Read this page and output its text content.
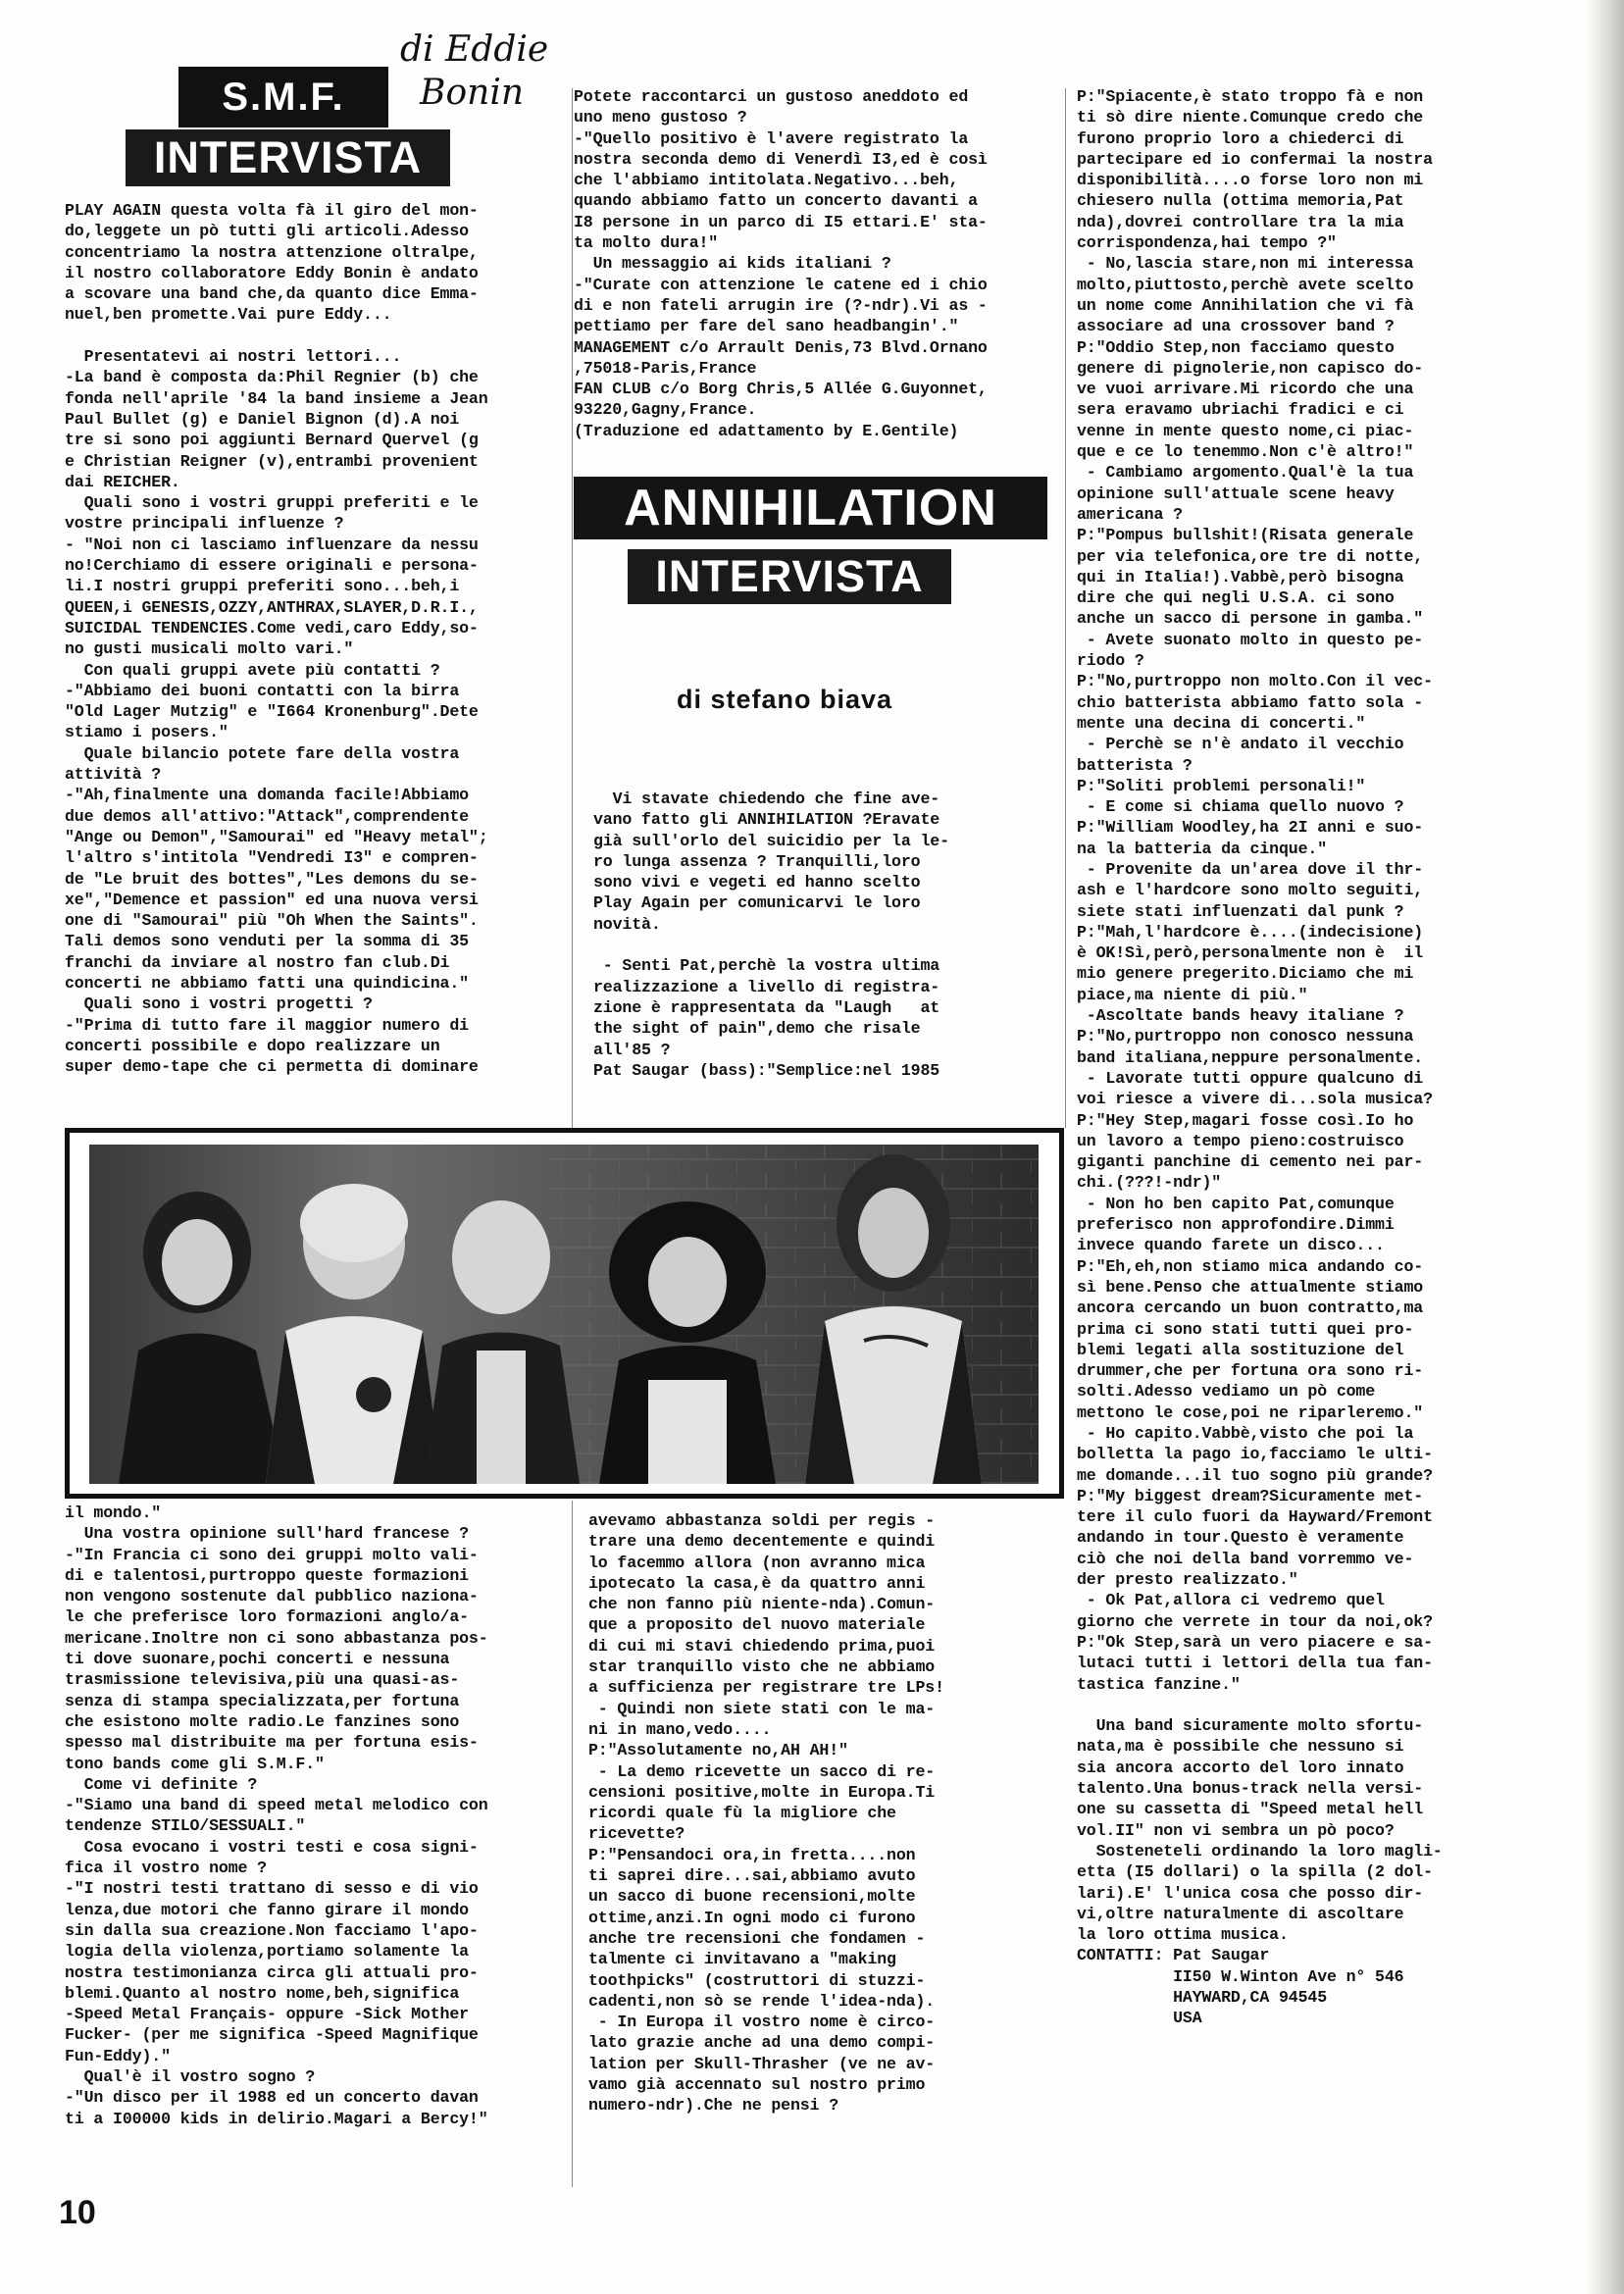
S.M.F.
INTERVISTA
di Eddie
Bonin
ANNIHILATION
INTERVISTA
di stefano biava
PLAY AGAIN questa volta fà il giro del mon-
do,leggete un pò tutti gli articoli.Adesso
concentriamo la nostra attenzione oltralpe,
il nostro collaboratore Eddy Bonin è andato
a scovare una band che,da quanto dice Emma-
nuel,ben promette.Vai pure Eddy...

Presentatevi ai nostri lettori...
-La band è composta da:Phil Regnier (b) che
fonda nell'aprile '84 la band insieme a Jean
Paul Bullet (g) e Daniel Bignon (d).A noi
tre si sono poi aggiunti Bernard Quervel (g
e Christian Reigner (v),entrambi provenient
dai REICHER.
Quali sono i vostri gruppi preferiti e le
vostre principali influenze ?
- "Noi non ci lasciamo influenzare da nessu
no!Cerchiamo di essere originali e persona-
li.I nostri gruppi preferiti sono...beh,i
QUEEN,i GENESIS,OZZY,ANTHRAX,SLAYER,D.R.I.,
SUICIDAL TENDENCIES.Come vedi,caro Eddy,so-
no gusti musicali molto vari."
Con quali gruppi avete più contatti ?
-"Abbiamo dei buoni contatti con la birra
"Old Lager Mutzig" e "I664 Kronenburg".Dete
stiamo i posers."
Quale bilancio potete fare della vostra
attività ?
-"Ah,finalmente una domanda facile!Abbiamo
due demos all'attivo:"Attack",comprendente
"Ange ou Demon","Samourai" ed "Heavy metal";
l'altro s'intitola "Vendredi I3" e compren-
de "Le bruit des bottes","Les demons du se-
xe","Demence et passion" ed una nuova versi
one di "Samourai" più "Oh When the Saints".
Tali demos sono venduti per la somma di 35
franchi da inviare al nostro fan club.Di
concerti ne abbiamo fatti una quindicina."
Quali sono i vostri progetti ?
-"Prima di tutto fare il maggior numero di
concerti possibile e dopo realizzare un
super demo-tape che ci permetta di dominare
Potete raccontarci un gustoso aneddoto ed
uno meno gustoso ?
-"Quello positivo è l'avere registrato la
nostra seconda demo di Venerdì I3,ed è così
che l'abbiamo intitolata.Negativo...beh,
quando abbiamo fatto un concerto davanti a
I8 persone in un parco di I5 ettari.E' sta-
ta molto dura!"
Un messaggio ai kids italiani ?
-"Curate con attenzione le catene ed i chio
di e non fateli arrugin ire (?-ndr).Vi as -
pettiamo per fare del sano headbangin'."
MANAGEMENT c/o Arrault Denis,73 Blvd.Ornano
,75018-Paris,France
FAN CLUB c/o Borg Chris,5 Allée G.Guyonnet,
93220,Gagny,France.
(Traduzione ed adattamento by E.Gentile)
Vi stavate chiedendo che fine ave-
vano fatto gli ANNIHILATION ?Eravate
già sull'orlo del suicidio per la le-
ro lunga assenza ? Tranquilli,loro
sono vivi e vegeti ed hanno scelto
Play Again per comunicarvi le loro
novità.

- Senti Pat,perchè la vostra ultima
realizzazione a livello di registra-
zione è rappresentata da "Laugh   at
the sight of pain",demo che risale
all'85 ?
Pat Saugar (bass):"Semplice:nel 1985
P:"Spiacente,è stato troppo fà e non
ti sò dire niente.Comunque credo che
furono proprio loro a chiederci di
partecipare ed io confermai la nostra
disponibilità....o forse loro non mi
chiesero nulla (ottima memoria,Pat
nda),dovrei controllare tra la mia
corrispondenza,hai tempo ?"
- No,lascia stare,non mi interessa
molto,piuttosto,perchè avete scelto
un nome come Annihilation che vi fà
associare ad una crossover band ?
P:"Oddio Step,non facciamo questo
genere di pignolerie,non capisco do-
ve vuoi arrivare.Mi ricordo che una
sera eravamo ubriachi fradici e ci
venne in mente questo nome,ci piac-
que e ce lo tenemmo.Non c'è altro!"
- Cambiamo argomento.Qual'è la tua
opinione sull'attuale scene heavy
americana ?
P:"Pompus bullshit!(Risata generale
per via telefonica,ore tre di notte,
qui in Italia!).Vabbè,però bisogna
dire che qui negli U.S.A. ci sono
anche un sacco di persone in gamba."
- Avete suonato molto in questo pe-
riodo ?
P:"No,purtroppo non molto.Con il vec-
chio batterista abbiamo fatto sola -
mente una decina di concerti."
- Perchè se n'è andato il vecchio
batterista ?
P:"Soliti problemi personali!"
- E come si chiama quello nuovo ?
P:"William Woodley,ha 2I anni e suo-
na la batteria da cinque."
- Provenite da un'area dove il thr-
ash e l'hardcore sono molto seguiti,
siete stati influenzati dal punk ?
P:"Mah,l'hardcore è....(indecisione)
è OK!Sì,però,personalmente non è  il
mio genere pregerito.Diciamo che mi
piace,ma niente di più."
-Ascoltate bands heavy italiane ?
P:"No,purtroppo non conosco nessuna
band italiana,neppure personalmente.
- Lavorate tutti oppure qualcuno di
voi riesce a vivere di...sola musica?
P:"Hey Step,magari fosse così.Io ho
un lavoro a tempo pieno:costruisco
giganti panchine di cemento nei par-
chi.(???!-ndr)"
- Non ho ben capito Pat,comunque
preferisco non approfondire.Dimmi
invece quando farete un disco...
P:"Eh,eh,non stiamo mica andando co-
sì bene.Penso che attualmente stiamo
ancora cercando un buon contratto,ma
prima ci sono stati tutti quei pro-
blemi legati alla sostituzione del
drummer,che per fortuna ora sono ri-
solti.Adesso vediamo un pò come
mettono le cose,poi ne riparleremo."
- Ho capito.Vabbè,visto che poi la
bolletta la pago io,facciamo le ulti-
me domande...il tuo sogno più grande?
P:"My biggest dream?Sicuramente met-
tere il culo fuori da Hayward/Fremont
andando in tour.Questo è veramente
ciò che noi della band vorremmo ve-
der presto realizzato."
- Ok Pat,allora ci vedremo quel
giorno che verrete in tour da noi,ok?
P:"Ok Step,sarà un vero piacere e sa-
lutaci tutti i lettori della tua fan-
tastica fanzine."

Una band sicuramente molto sfortu-
nata,ma è possibile che nessuno si
sia ancora accorto del loro innato
talento.Una bonus-track nella versi-
one su cassetta di "Speed metal hell
vol.II" non vi sembra un pò poco?
Sosteneteli ordinando la loro magli-
etta (I5 dollari) o la spilla (2 dol-
lari).E' l'unica cosa che posso dir-
vi,oltre naturalmente di ascoltare
la loro ottima musica.
CONTATTI: Pat Saugar
II50 W.Winton Ave n° 546
HAYWARD,CA 94545
USA
il mondo."
Una vostra opinione sull'hard francese ?
-"In Francia ci sono dei gruppi molto vali-
di e talentosi,purtroppo queste formazioni
non vengono sostenute dal pubblico naziona-
le che preferisce loro formazioni anglo/a-
mericane.Inoltre non ci sono abbastanza pos-
ti dove suonare,pochi concerti e nessuna
trasmissione televisiva,più una quasi-as-
senza di stampa specializzata,per fortuna
che esistono molte radio.Le fanzines sono
spesso mal distribuite ma per fortuna esis-
tono bands come gli S.M.F."
Come vi definite ?
-"Siamo una band di speed metal melodico con
tendenze STILO/SESSUALI."
Cosa evocano i vostri testi e cosa signi-
fica il vostro nome ?
-"I nostri testi trattano di sesso e di vio
lenza,due motori che fanno girare il mondo
sin dalla sua creazione.Non facciamo l'apo-
logia della violenza,portiamo solamente la
nostra testimonianza circa gli attuali pro-
blemi.Quanto al nostro nome,beh,significa
-Speed Metal Français- oppure -Sick Mother
Fucker- (per me significa -Speed Magnifique
Fun-Eddy)."
Qual'è il vostro sogno ?
-"Un disco per il 1988 ed un concerto davan
ti a I00000 kids in delirio.Magari a Bercy!"
avevamo abbastanza soldi per regis -
trare una demo decentemente e quindi
lo facemmo allora (non avranno mica
ipotecato la casa,è da quattro anni
che non fanno più niente-nda).Comun-
que a proposito del nuovo materiale
di cui mi stavi chiedendo prima,puoi
star tranquillo visto che ne abbiamo
a sufficienza per registrare tre LPs!
- Quindi non siete stati con le ma-
ni in mano,vedo....
P:"Assolutamente no,AH AH!"
- La demo ricevette un sacco di re-
censioni positive,molte in Europa.Ti
ricordi quale fù la migliore che
ricevette?
P:"Pensandoci ora,in fretta....non
ti saprei dire...sai,abbiamo avuto
un sacco di buone recensioni,molte
ottime,anzi.In ogni modo ci furono
anche tre recensioni che fondamen -
talmente ci invitavano a "making
toothpicks" (costruttori di stuzzi-
cadenti,non sò se rende l'idea-nda).
- In Europa il vostro nome è circo-
lato grazie anche ad una demo compi-
lation per Skull-Thrasher (ve ne av-
vamo già accennato sul nostro primo
numero-ndr).Che ne pensi ?
10
